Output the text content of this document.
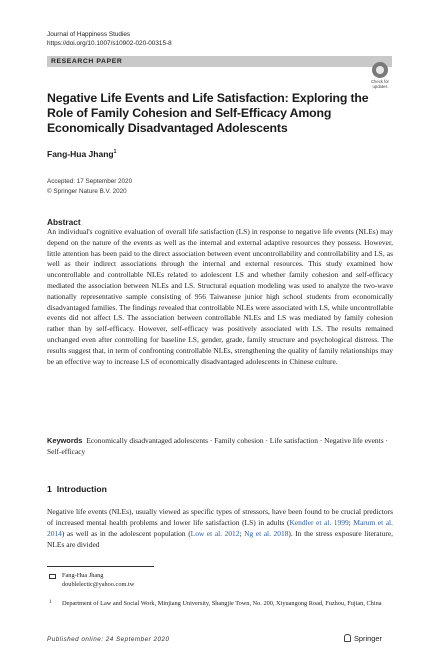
Journal of Happiness Studies
https://doi.org/10.1007/s10902-020-00315-8
RESEARCH PAPER
Check for
updates
Negative Life Events and Life Satisfaction: Exploring the Role of Family Cohesion and Self-Efficacy Among Economically Disadvantaged Adolescents
Fang-Hua Jhang$^1$
Accepted: 17 September 2020
© Springer Nature B.V. 2020
Abstract
An individual's cognitive evaluation of overall life satisfaction (LS) in response to negative life events (NLEs) may depend on the nature of the events as well as the internal and external adaptive resources they possess. However, little attention has been paid to the direct association between event uncontrollability and controllability and LS, as well as their indirect associations through the internal and external resources. This study examined how uncontrollable and controllable NLEs related to adolescent LS and whether family cohesion and self-efficacy mediated the association between NLEs and LS. Structural equation modeling was used to analyze the two-wave nationally representative sample consisting of 956 Taiwanese junior high school students from economically disadvantaged families. The findings revealed that controllable NLEs were associated with LS, while uncontrollable events did not affect LS. The association between controllable NLEs and LS was mediated by family cohesion rather than by self-efficacy. However, self-efficacy was positively associated with LS. The results remained unchanged even after controlling for baseline LS, gender, grade, family structure and psychological distress. The results suggest that, in term of confronting controllable NLEs, strengthening the quality of family relationships may be an effective way to increase LS of economically disadvantaged adolescents in Chinese culture.
Keywords Economically disadvantaged adolescents · Family cohesion · Life satisfaction · Negative life events · Self-efficacy
1 Introduction
Negative life events (NLEs), usually viewed as specific types of stressors, have been found to be crucial predictors of increased mental health problems and lower life satisfaction (LS) in adults (Kendler et al. 1999; Marum et al. 2014) as well as in the adolescent population (Low et al. 2012; Ng et al. 2018). In the stress exposure literature, NLEs are divided
Fang-Hua Jhang
doublelectic@yahoo.com.tw
1 Department of Law and Social Work, Minjiang University, Shangjie Town, No. 200, Xiyuangong Road, Fuzhou, Fujian, China
Published online: 24 September 2020	Springer
